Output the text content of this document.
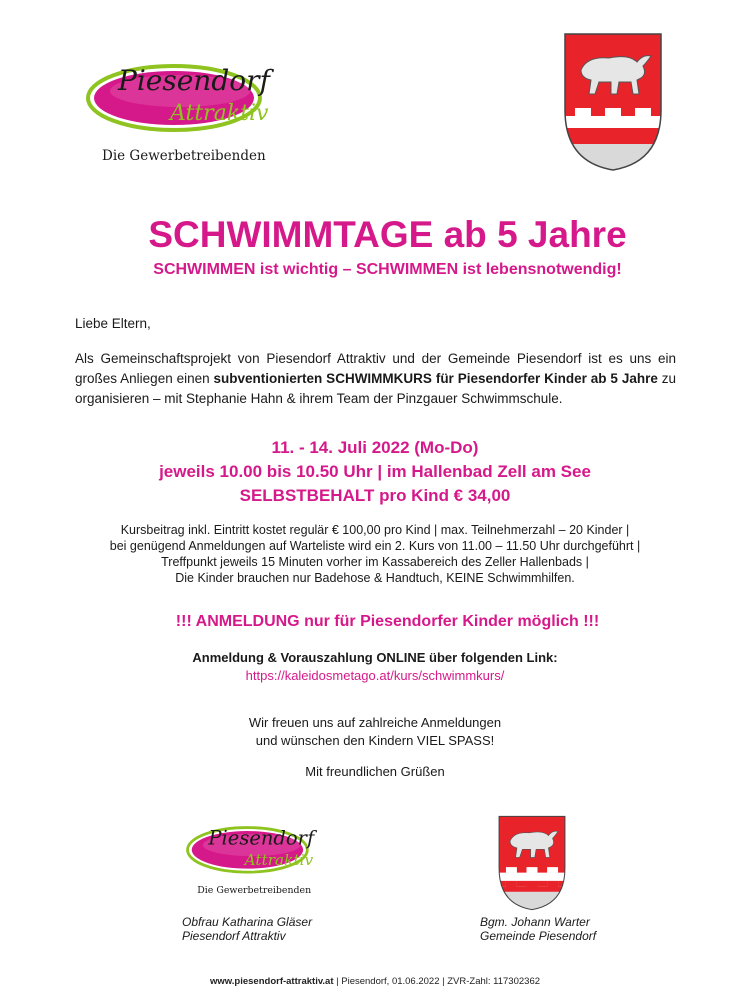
Piesendorf
Attraktiv
Die Gewerbetreibenden
SCHWIMMTAGE ab 5 Jahre
SCHWIMMEN ist wichtig – SCHWIMMEN ist lebensnotwendig!
Liebe Eltern,
Als Gemeinschaftsprojekt von Piesendorf Attraktiv und der Gemeinde Piesendorf ist es uns ein großes Anliegen einen subventionierten SCHWIMMKURS für Piesendorfer Kinder ab 5 Jahre zu organisieren – mit Stephanie Hahn & ihrem Team der Pinzgauer Schwimmschule.
11. - 14. Juli 2022 (Mo-Do)
jeweils 10.00 bis 10.50 Uhr | im Hallenbad Zell am See
SELBSTBEHALT pro Kind € 34,00
Kursbeitrag inkl. Eintritt kostet regulär € 100,00 pro Kind | max. Teilnehmerzahl – 20 Kinder |
bei genügend Anmeldungen auf Warteliste wird ein 2. Kurs von 11.00 – 11.50 Uhr durchgeführt |
Treffpunkt jeweils 15 Minuten vorher im Kassabereich des Zeller Hallenbads |
Die Kinder brauchen nur Badehose & Handtuch, KEINE Schwimmhilfen.
!!! ANMELDUNG nur für Piesendorfer Kinder möglich !!!
Anmeldung & Vorauszahlung ONLINE über folgenden Link:
https://kaleidosmetago.at/kurs/schwimmkurs/
Wir freuen uns auf zahlreiche Anmeldungen
und wünschen den Kindern VIEL SPASS!
Mit freundlichen Grüßen
Piesendorf
Attraktiv
Die Gewerbetreibenden
Obfrau Katharina Gläser
Piesendorf Attraktiv
Bgm. Johann Warter
Gemeinde Piesendorf
www.piesendorf-attraktiv.at | Piesendorf, 01.06.2022 | ZVR-Zahl: 117302362
